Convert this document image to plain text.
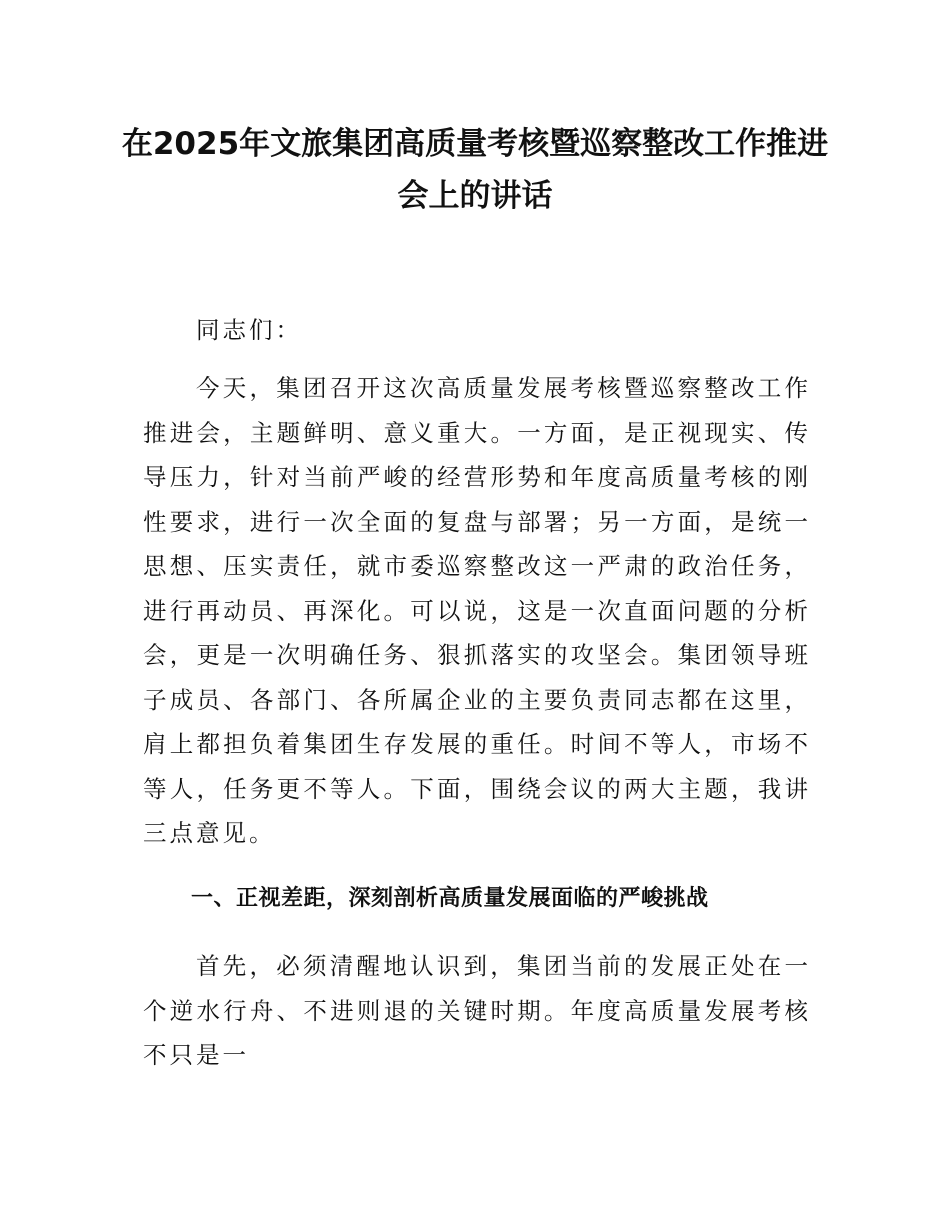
在2025年文旅集团高质量考核暨巡察整改工作推进会上的讲话

同志们：

今天，集团召开这次高质量发展考核暨巡察整改工作推进会，主题鲜明、意义重大。一方面，是正视现实、传导压力，针对当前严峻的经营形势和年度高质量考核的刚性要求，进行一次全面的复盘与部署；另一方面，是统一思想、压实责任，就市委巡察整改这一严肃的政治任务，进行再动员、再深化。可以说，这是一次直面问题的分析会，更是一次明确任务、狠抓落实的攻坚会。集团领导班子成员、各部门、各所属企业的主要负责同志都在这里，肩上都担负着集团生存发展的重任。时间不等人，市场不等人，任务更不等人。下面，围绕会议的两大主题，我讲三点意见。

一、正视差距，深刻剖析高质量发展面临的严峻挑战

首先，必须清醒地认识到，集团当前的发展正处在一个逆水行舟、不进则退的关键时期。年度高质量发展考核不只是一
